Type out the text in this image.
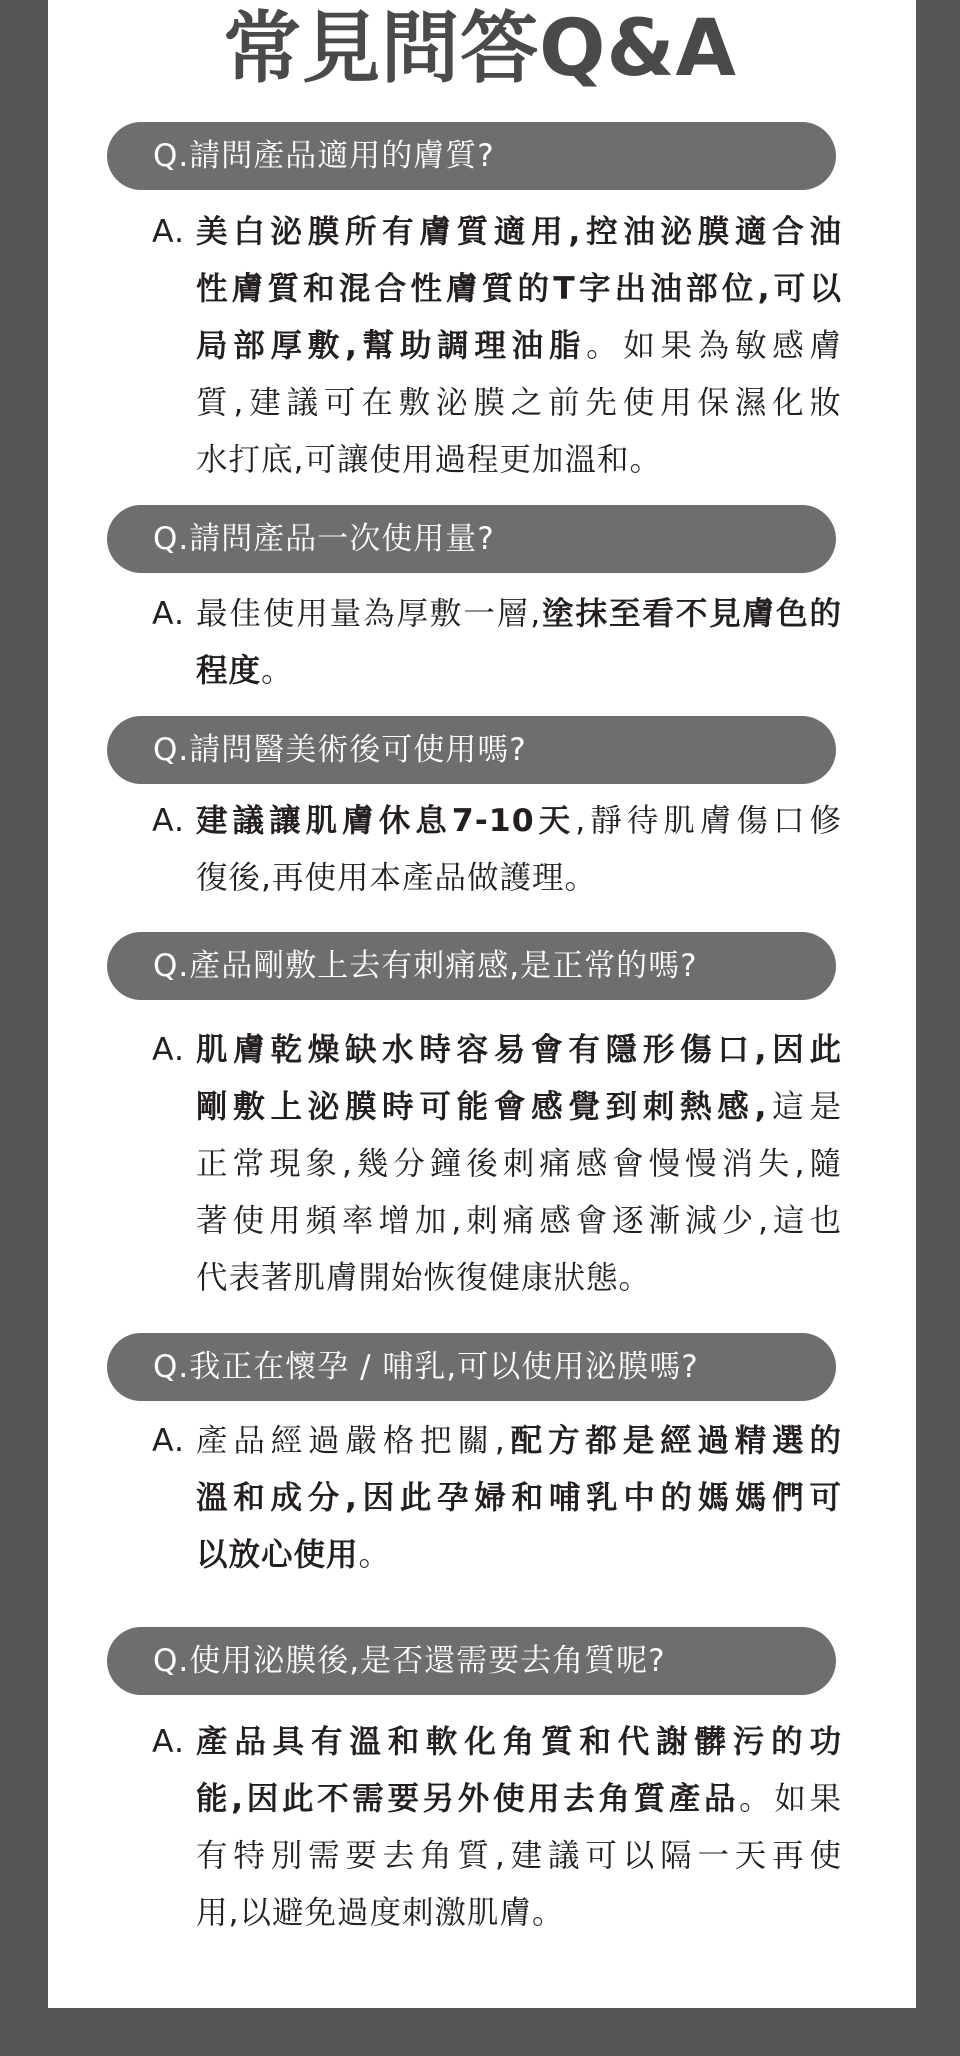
常見問答Q&A
Q.請問產品適用的膚質?
A. 美白泌膜所有膚質適用,控油泌膜適合油
性膚質和混合性膚質的T字出油部位,可以
局部厚敷,幫助調理油脂。如果為敏感膚
質,建議可在敷泌膜之前先使用保濕化妝
水打底,可讓使用過程更加溫和。
Q.請問產品一次使用量?
A. 最佳使用量為厚敷一層,塗抹至看不見膚色的
程度。
Q.請問醫美術後可使用嗎?
A. 建議讓肌膚休息7-10天,靜待肌膚傷口修
復後,再使用本產品做護理。
Q.產品剛敷上去有刺痛感,是正常的嗎?
A. 肌膚乾燥缺水時容易會有隱形傷口,因此
剛敷上泌膜時可能會感覺到刺熱感,這是
正常現象,幾分鐘後刺痛感會慢慢消失,隨
著使用頻率增加,刺痛感會逐漸減少,這也
代表著肌膚開始恢復健康狀態。
Q.我正在懷孕 / 哺乳,可以使用泌膜嗎?
A. 產品經過嚴格把關,配方都是經過精選的
溫和成分,因此孕婦和哺乳中的媽媽們可
以放心使用。
Q.使用泌膜後,是否還需要去角質呢?
A. 產品具有溫和軟化角質和代謝髒污的功
能,因此不需要另外使用去角質產品。如果
有特別需要去角質,建議可以隔一天再使
用,以避免過度刺激肌膚。
